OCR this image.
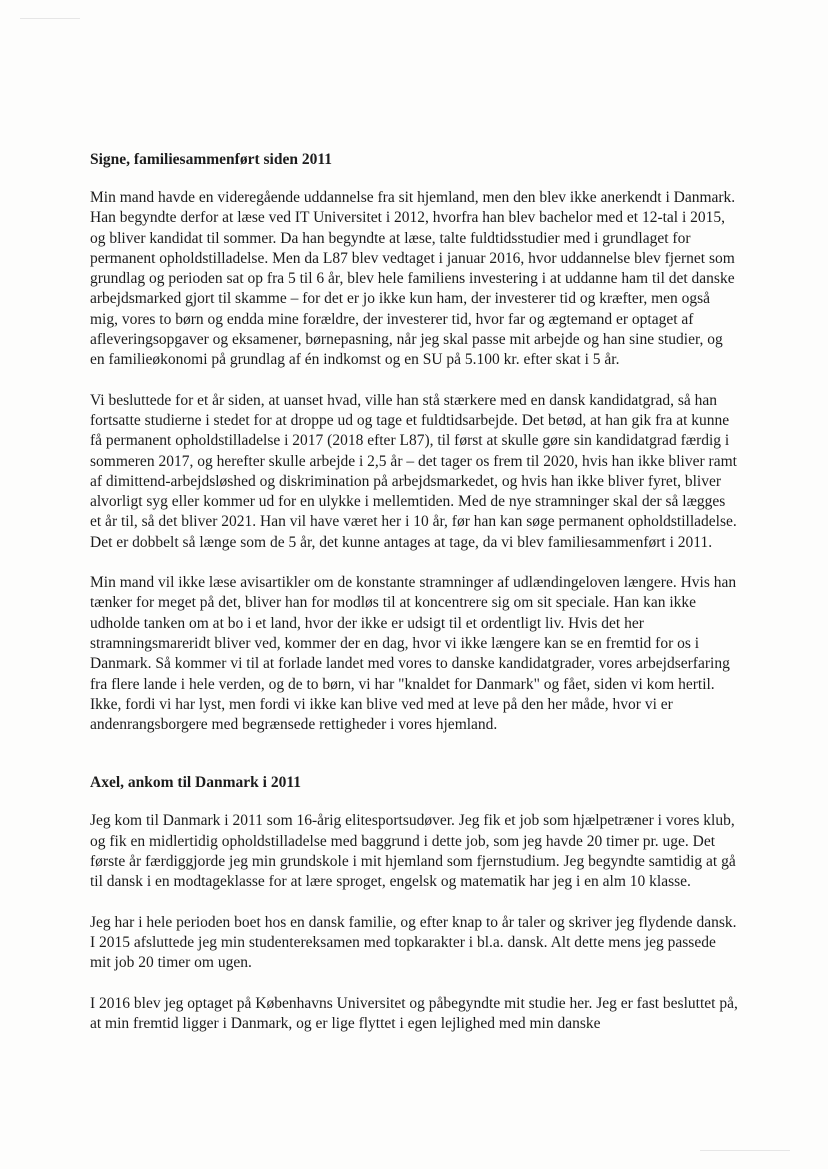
Signe, familiesammenført siden 2011

Min mand havde en videregående uddannelse fra sit hjemland, men den blev ikke anerkendt i Danmark. Han begyndte derfor at læse ved IT Universitet i 2012, hvorfra han blev bachelor med et 12-tal i 2015, og bliver kandidat til sommer. Da han begyndte at læse, talte fuldtidsstudier med i grundlaget for permanent opholdstilladelse. Men da L87 blev vedtaget i januar 2016, hvor uddannelse blev fjernet som grundlag og perioden sat op fra 5 til 6 år, blev hele familiens investering i at uddanne ham til det danske arbejdsmarked gjort til skamme – for det er jo ikke kun ham, der investerer tid og kræfter, men også mig, vores to børn og endda mine forældre, der investerer tid, hvor far og ægtemand er optaget af afleveringsopgaver og eksamener, børnepasning, når jeg skal passe mit arbejde og han sine studier, og en familieøkonomi på grundlag af én indkomst og en SU på 5.100 kr. efter skat i 5 år.

Vi besluttede for et år siden, at uanset hvad, ville han stå stærkere med en dansk kandidatgrad, så han fortsatte studierne i stedet for at droppe ud og tage et fuldtidsarbejde. Det betød, at han gik fra at kunne få permanent opholdstilladelse i 2017 (2018 efter L87), til først at skulle gøre sin kandidatgrad færdig i sommeren 2017, og herefter skulle arbejde i 2,5 år – det tager os frem til 2020, hvis han ikke bliver ramt af dimittend-arbejdsløshed og diskrimination på arbejdsmarkedet, og hvis han ikke bliver fyret, bliver alvorligt syg eller kommer ud for en ulykke i mellemtiden. Med de nye stramninger skal der så lægges et år til, så det bliver 2021. Han vil have været her i 10 år, før han kan søge permanent opholdstilladelse. Det er dobbelt så længe som de 5 år, det kunne antages at tage, da vi blev familiesammenført i 2011.

Min mand vil ikke læse avisartikler om de konstante stramninger af udlændingeloven længere. Hvis han tænker for meget på det, bliver han for modløs til at koncentrere sig om sit speciale. Han kan ikke udholde tanken om at bo i et land, hvor der ikke er udsigt til et ordentligt liv. Hvis det her stramningsmareridt bliver ved, kommer der en dag, hvor vi ikke længere kan se en fremtid for os i Danmark. Så kommer vi til at forlade landet med vores to danske kandidatgrader, vores arbejdserfaring fra flere lande i hele verden, og de to børn, vi har "knaldet for Danmark" og fået, siden vi kom hertil. Ikke, fordi vi har lyst, men fordi vi ikke kan blive ved med at leve på den her måde, hvor vi er andenrangsborgere med begrænsede rettigheder i vores hjemland.

Axel, ankom til Danmark i 2011

Jeg kom til Danmark i 2011 som 16-årig elitesportsudøver. Jeg fik et job som hjælpetræner i vores klub, og fik en midlertidig opholdstilladelse med baggrund i dette job, som jeg havde 20 timer pr. uge. Det første år færdiggjorde jeg min grundskole i mit hjemland som fjernstudium. Jeg begyndte samtidig at gå til dansk i en modtageklasse for at lære sproget, engelsk og matematik har jeg i en alm 10 klasse.

Jeg har i hele perioden boet hos en dansk familie, og efter knap to år taler og skriver jeg flydende dansk. I 2015 afsluttede jeg min studentereksamen med topkarakter i bl.a. dansk. Alt dette mens jeg passede mit job 20 timer om ugen.

I 2016 blev jeg optaget på Københavns Universitet og påbegyndte mit studie her. Jeg er fast besluttet på, at min fremtid ligger i Danmark, og er lige flyttet i egen lejlighed med min danske
